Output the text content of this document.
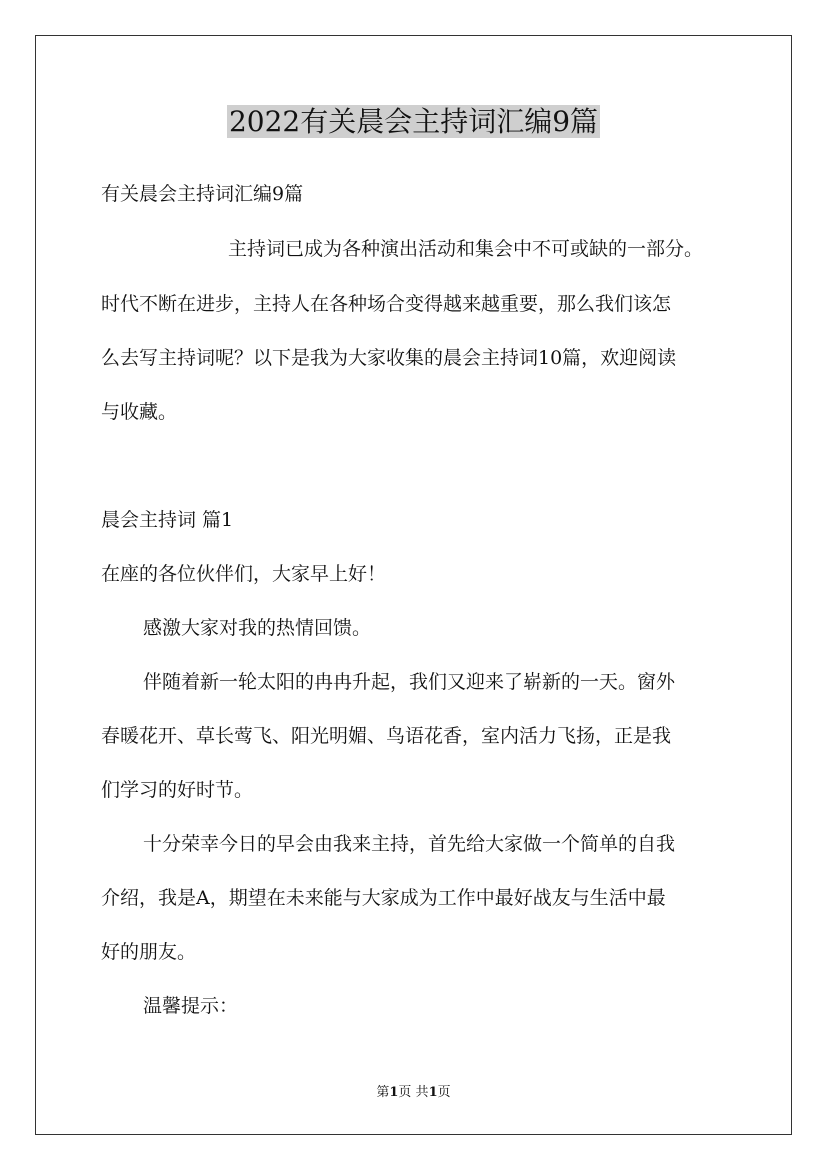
2022有关晨会主持词汇编9篇

有关晨会主持词汇编9篇

主持词已成为各种演出活动和集会中不可或缺的一部分。

时代不断在进步，主持人在各种场合变得越来越重要，那么我们该怎

么去写主持词呢？以下是我为大家收集的晨会主持词10篇，欢迎阅读

与收藏。

晨会主持词 篇1

在座的各位伙伴们，大家早上好！

感激大家对我的热情回馈。

伴随着新一轮太阳的冉冉升起，我们又迎来了崭新的一天。窗外

春暖花开、草长莺飞、阳光明媚、鸟语花香，室内活力飞扬，正是我

们学习的好时节。

十分荣幸今日的早会由我来主持，首先给大家做一个简单的自我

介绍，我是A，期望在未来能与大家成为工作中最好战友与生活中最

好的朋友。

温馨提示：

第1页 共1页
